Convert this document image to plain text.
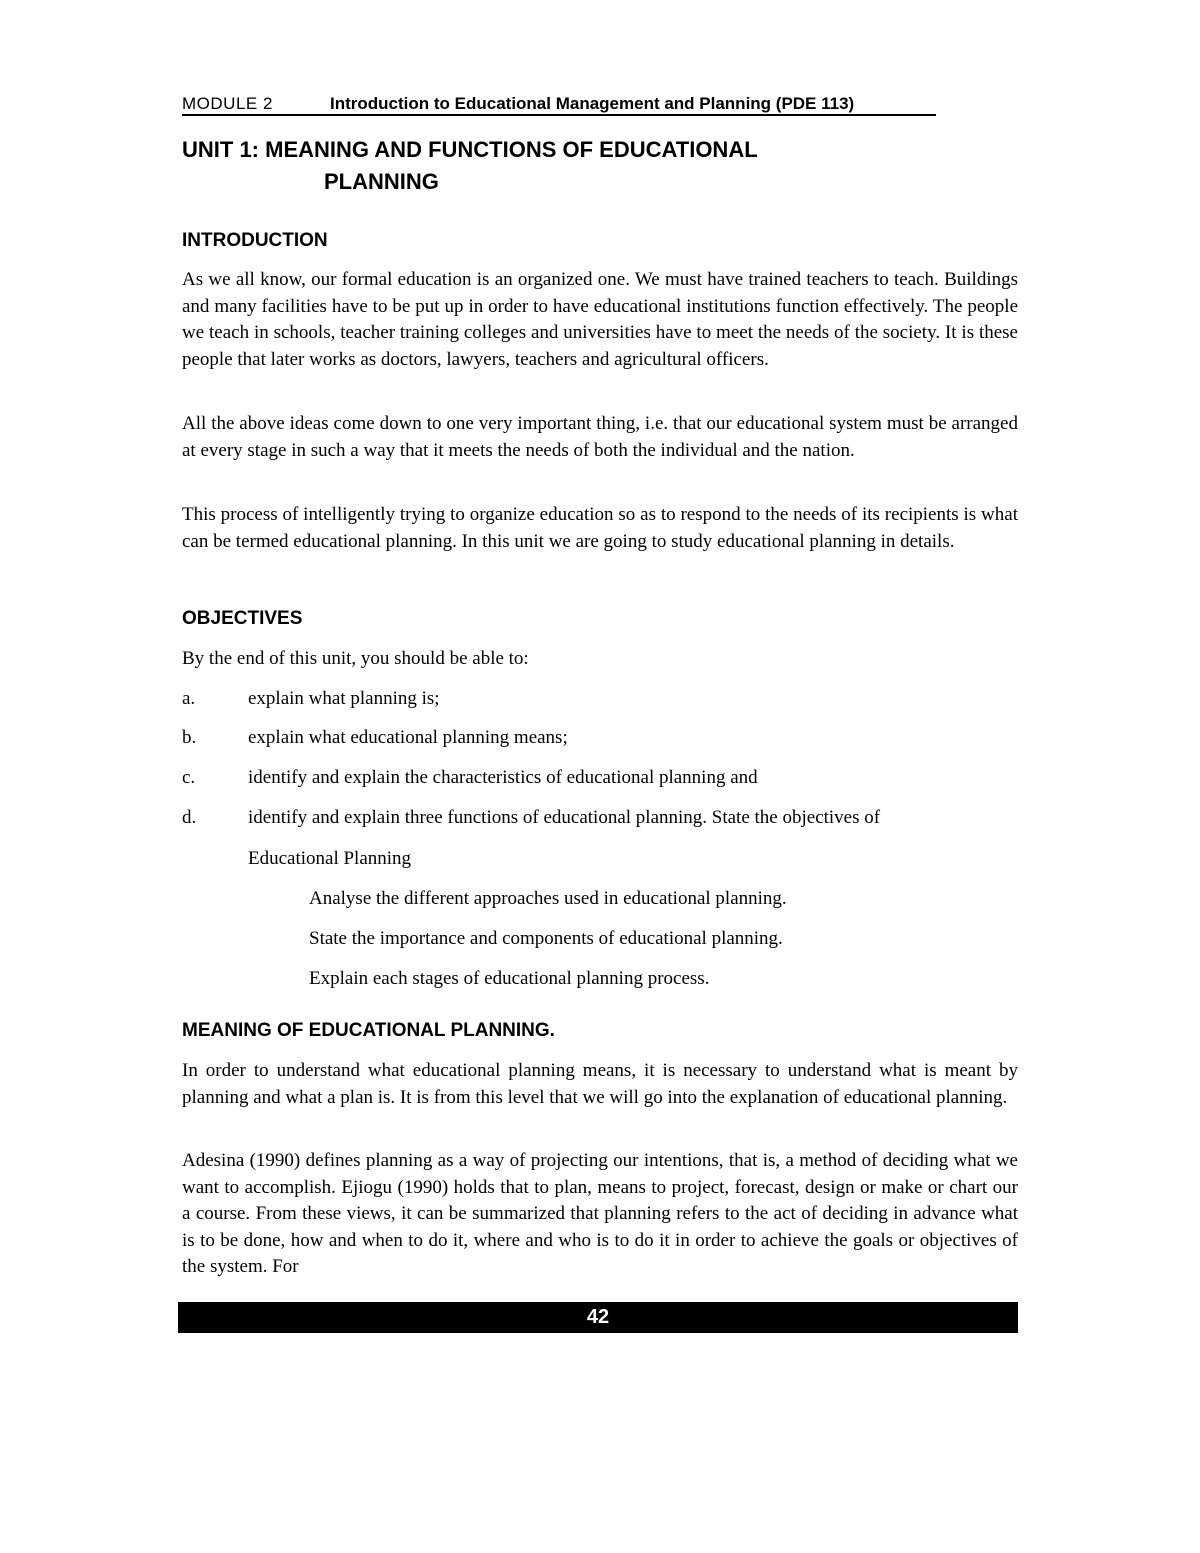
MODULE 2	Introduction to Educational Management and Planning (PDE 113)
UNIT 1: MEANING AND FUNCTIONS OF EDUCATIONAL
PLANNING
INTRODUCTION

As we all know, our formal education is an organized one. We must have trained teachers to teach. Buildings and many facilities have to be put up in order to have educational institutions function effectively. The people we teach in schools, teacher training colleges and universities have to meet the needs of the society. It is these people that later works as doctors, lawyers, teachers and agricultural officers.

All the above ideas come down to one very important thing, i.e. that our educational system must be arranged at every stage in such a way that it meets the needs of both the individual and the nation.

This process of intelligently trying to organize education so as to respond to the needs of its recipients is what can be termed educational planning. In this unit we are going to study educational planning in details.

OBJECTIVES
By the end of this unit, you should be able to:
a.	explain what planning is;
b.	explain what educational planning means;
c.	identify and explain the characteristics of educational planning and
d.	identify and explain three functions of educational planning. State the objectives of
Educational Planning
Analyse the different approaches used in educational planning.
State the importance and components of educational planning.
Explain each stages of educational planning process.
MEANING OF EDUCATIONAL PLANNING.

In order to understand what educational planning means, it is necessary to understand what is meant by planning and what a plan is. It is from this level that we will go into the explanation of educational planning.

Adesina (1990) defines planning as a way of projecting our intentions, that is, a method of deciding what we want to accomplish. Ejiogu (1990) holds that to plan, means to project, forecast, design or make or chart our a course. From these views, it can be summarized that planning refers to the act of deciding in advance what is to be done, how and when to do it, where and who is to do it in order to achieve the goals or objectives of the system. For

42
